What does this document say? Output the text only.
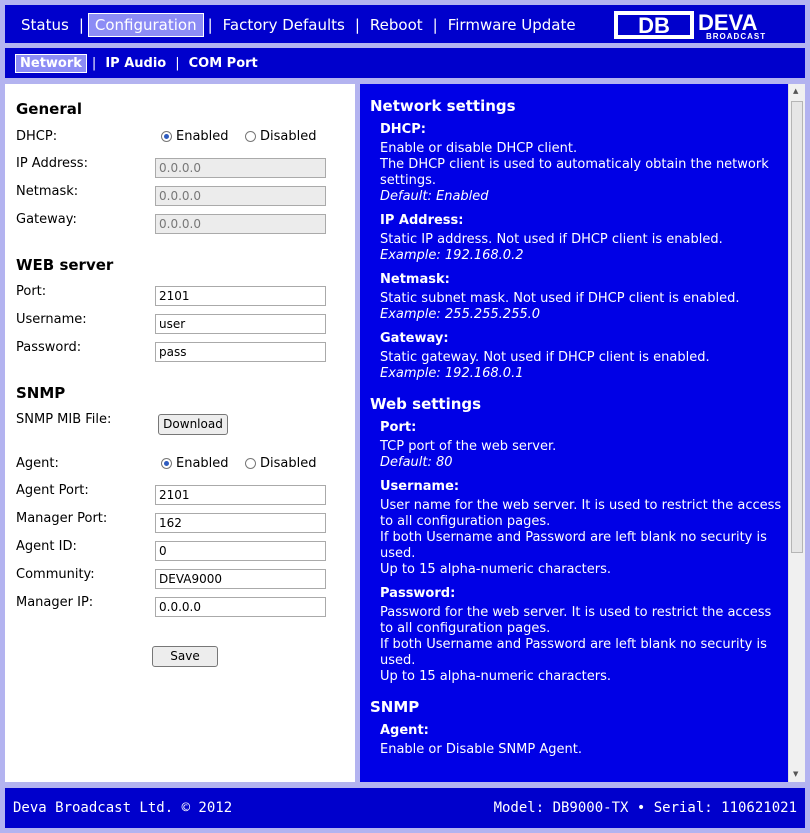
Status | Configuration | Factory Defaults | Reboot | Firmware Update	DB DEVA
BROADCAST
Network | IP Audio | COM Port
General
DHCP:	Enabled Disabled
IP Address:
0.0.0.0
Netmask:
0.0.0.0
Gateway:
0.0.0.0
WEB server
Port:
2101
Username:
user
Password:
pass
SNMP
SNMP MIB File:	Download
Agent:	Enabled Disabled
Agent Port:
2101
Manager Port:
162
Agent ID:
0
Community:
DEVA9000
Manager IP:
0.0.0.0
Save
Network settings
DHCP:
Enable or disable DHCP client.
The DHCP client is used to automaticaly obtain the network settings.
Default: Enabled
IP Address:
Static IP address. Not used if DHCP client is enabled.
Example: 192.168.0.2
Netmask:
Static subnet mask. Not used if DHCP client is enabled.
Example: 255.255.255.0
Gateway:
Static gateway. Not used if DHCP client is enabled.
Example: 192.168.0.1
Web settings
Port:
TCP port of the web server.
Default: 80
Username:
User name for the web server. It is used to restrict the access to all configuration pages.
If both Username and Password are left blank no security is used.
Up to 15 alpha-numeric characters.
Password:
Password for the web server. It is used to restrict the access to all configuration pages.
If both Username and Password are left blank no security is used.
Up to 15 alpha-numeric characters.
SNMP
Agent:
Enable or Disable SNMP Agent.
▲
▼
Deva Broadcast Ltd. © 2012	Model: DB9000-TX • Serial: 110621021
